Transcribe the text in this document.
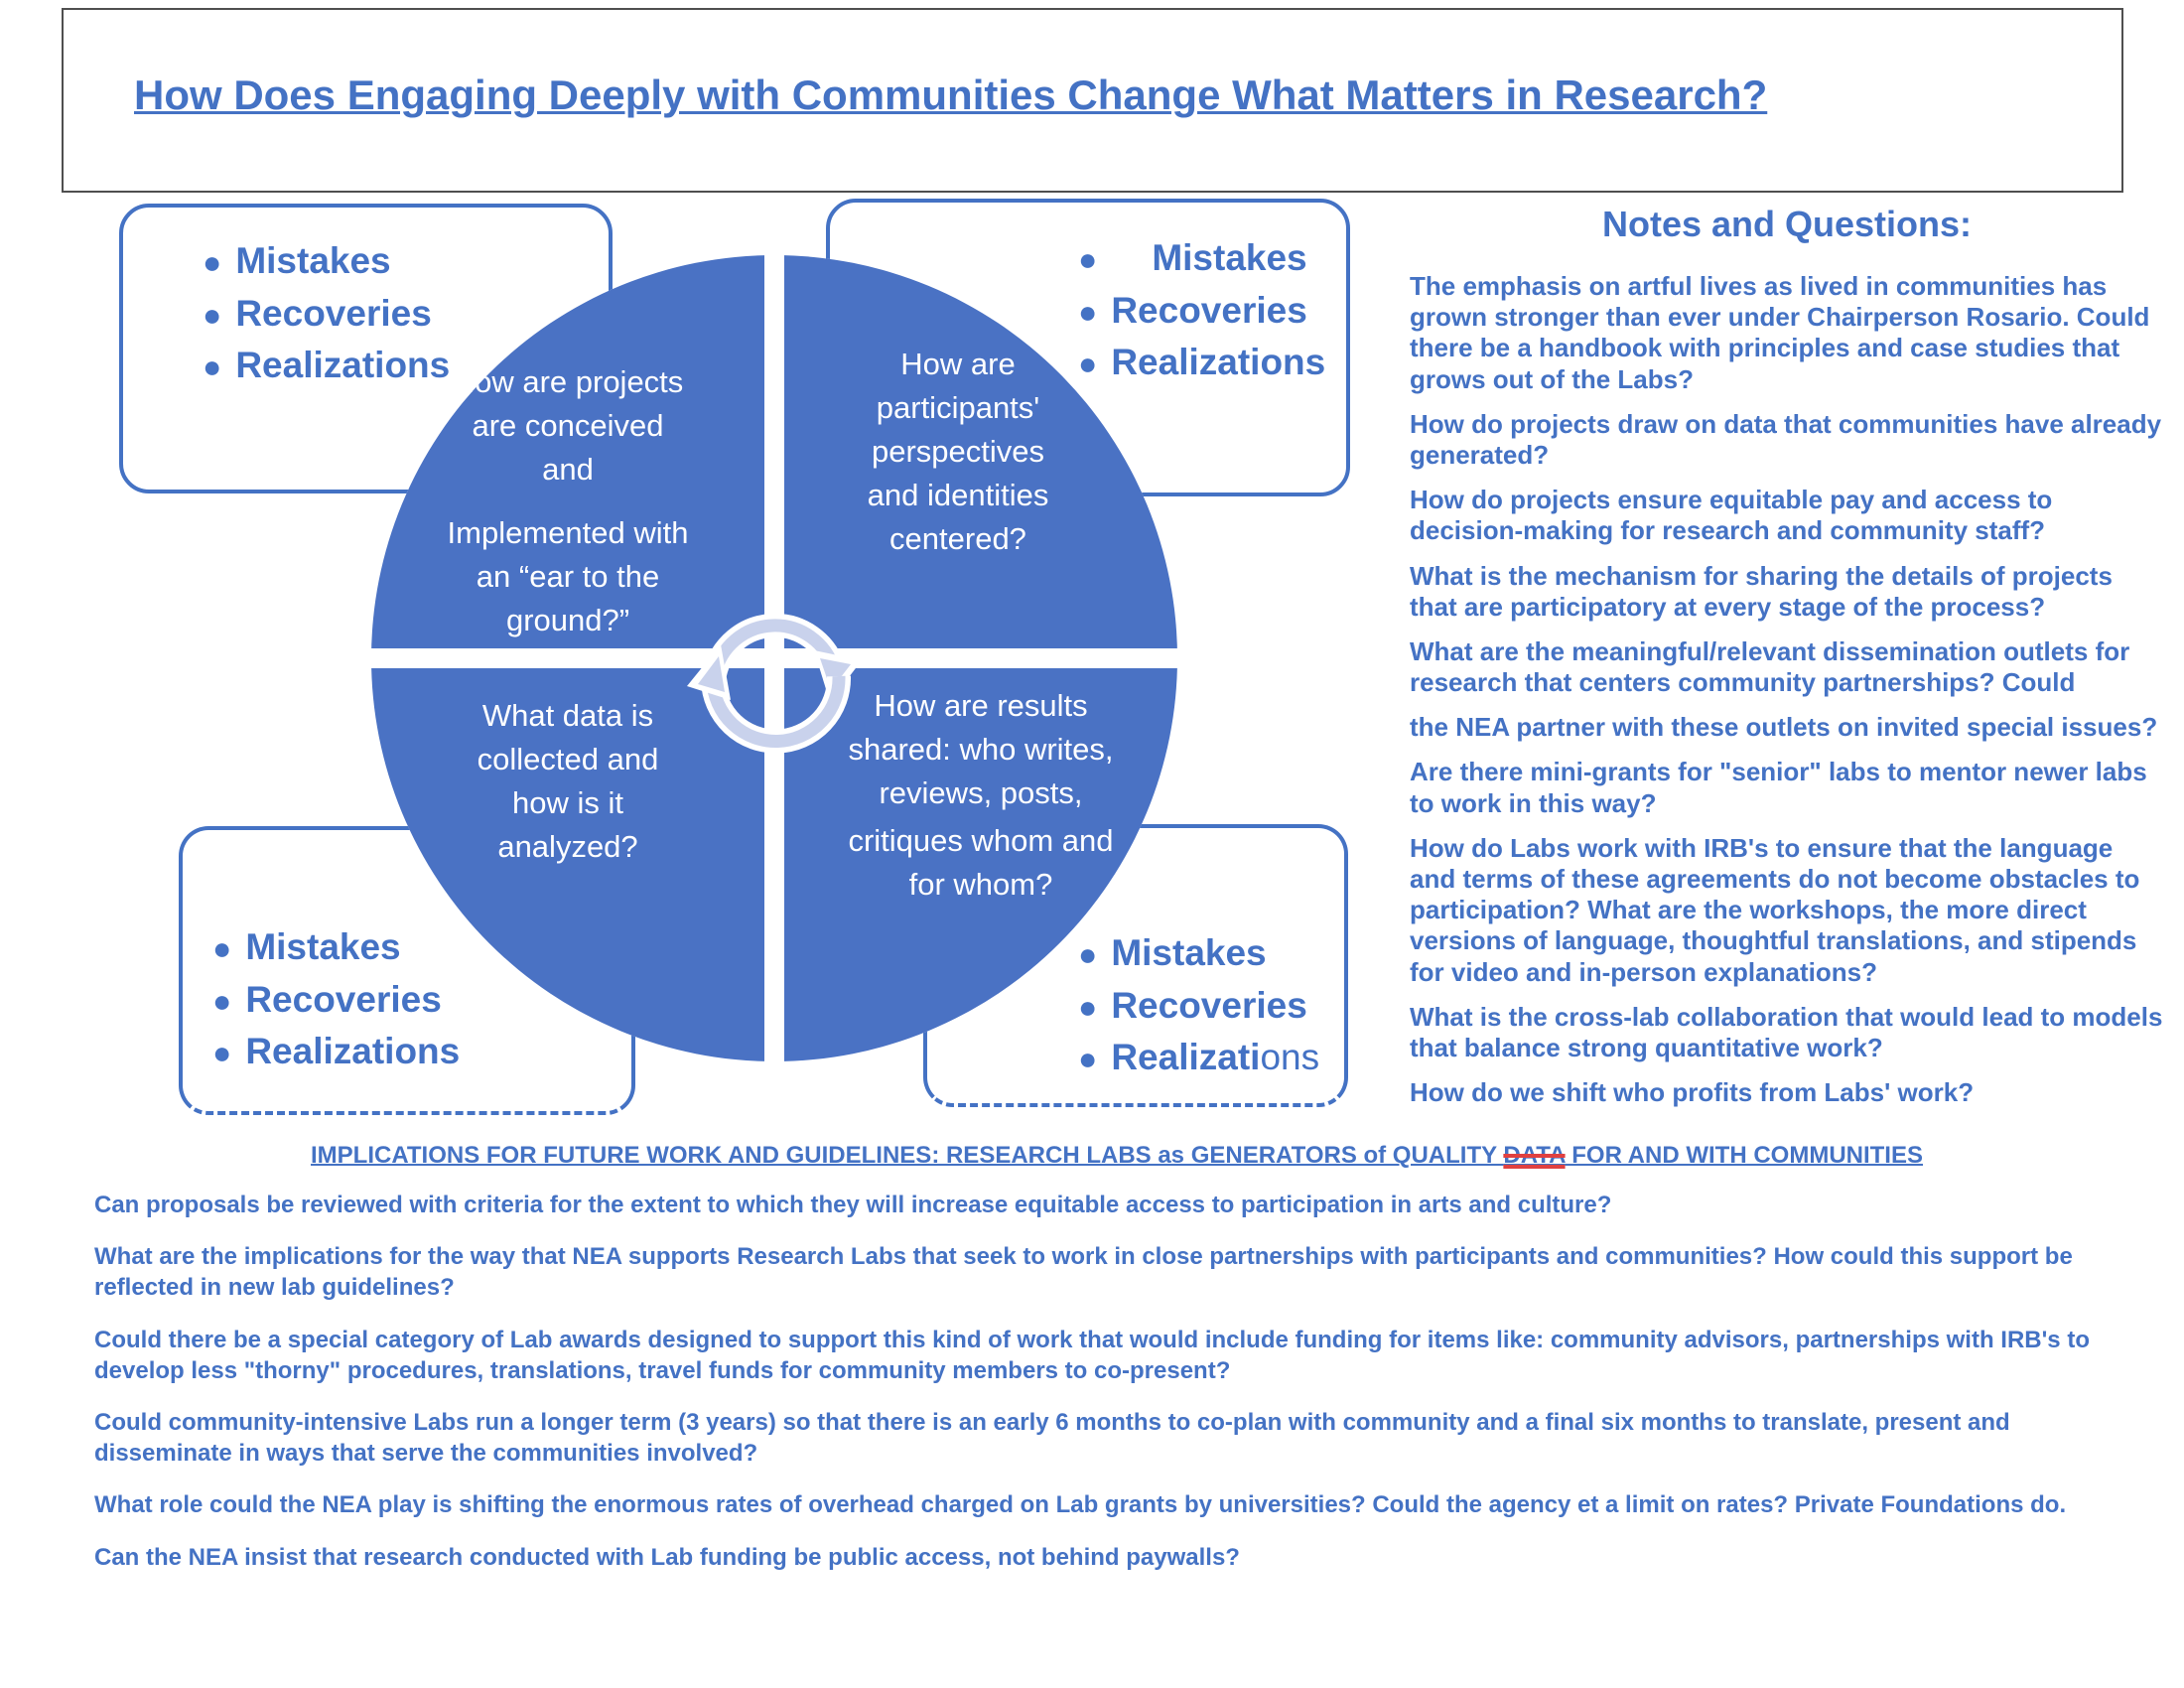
How Does Engaging Deeply with Communities Change What Matters in Research?
● Mistakes
● Recoveries
● Realizations
● Mistakes
● Recoveries
● Realizations
● Mistakes
● Recoveries
● Realizations
● Mistakes
● Recoveries
● Realizations

How are projects are conceived and

Implemented with an “ear to the ground?”

How are participants' perspectives and identities centered?

What data is collected and how is it analyzed?

How are results shared: who writes, reviews, posts,

critiques whom and for whom?

Notes and Questions:

The emphasis on artful lives as lived in communities has grown stronger than ever under Chairperson Rosario. Could there be a handbook with principles and case studies that grows out of the Labs?

How do projects draw on data that communities have already generated?

How do projects ensure equitable pay and access to decision-making for research and community staff?

What is the mechanism for sharing the details of projects that are participatory at every stage of the process?

What are the meaningful/relevant dissemination outlets for research that centers community partnerships? Could

the NEA partner with these outlets on invited special issues?

Are there mini-grants for "senior" labs to mentor newer labs to work in this way?

How do Labs work with IRB's to ensure that the language and terms of these agreements do not become obstacles to participation? What are the workshops, the more direct versions of language, thoughtful translations, and stipends for video and in-person explanations?

What is the cross-lab collaboration that would lead to models that balance strong quantitative work?

How do we shift who profits from Labs' work?

IMPLICATIONS FOR FUTURE WORK AND GUIDELINES: RESEARCH LABS as GENERATORS of QUALITY DATA FOR AND WITH COMMUNITIES

Can proposals be reviewed with criteria for the extent to which they will increase equitable access to participation in arts and culture?

What are the implications for the way that NEA supports Research Labs that seek to work in close partnerships with participants and communities? How could this support be reflected in new lab guidelines?

Could there be a special category of Lab awards designed to support this kind of work that would include funding for items like: community advisors, partnerships with IRB's to develop less "thorny" procedures, translations, travel funds for community members to co-present?

Could community-intensive Labs run a longer term (3 years) so that there is an early 6 months to co-plan with community and a final six months to translate, present and disseminate in ways that serve the communities involved?

What role could the NEA play is shifting the enormous rates of overhead charged on Lab grants by universities? Could the agency et a limit on rates? Private Foundations do.

Can the NEA insist that research conducted with Lab funding be public access, not behind paywalls?
